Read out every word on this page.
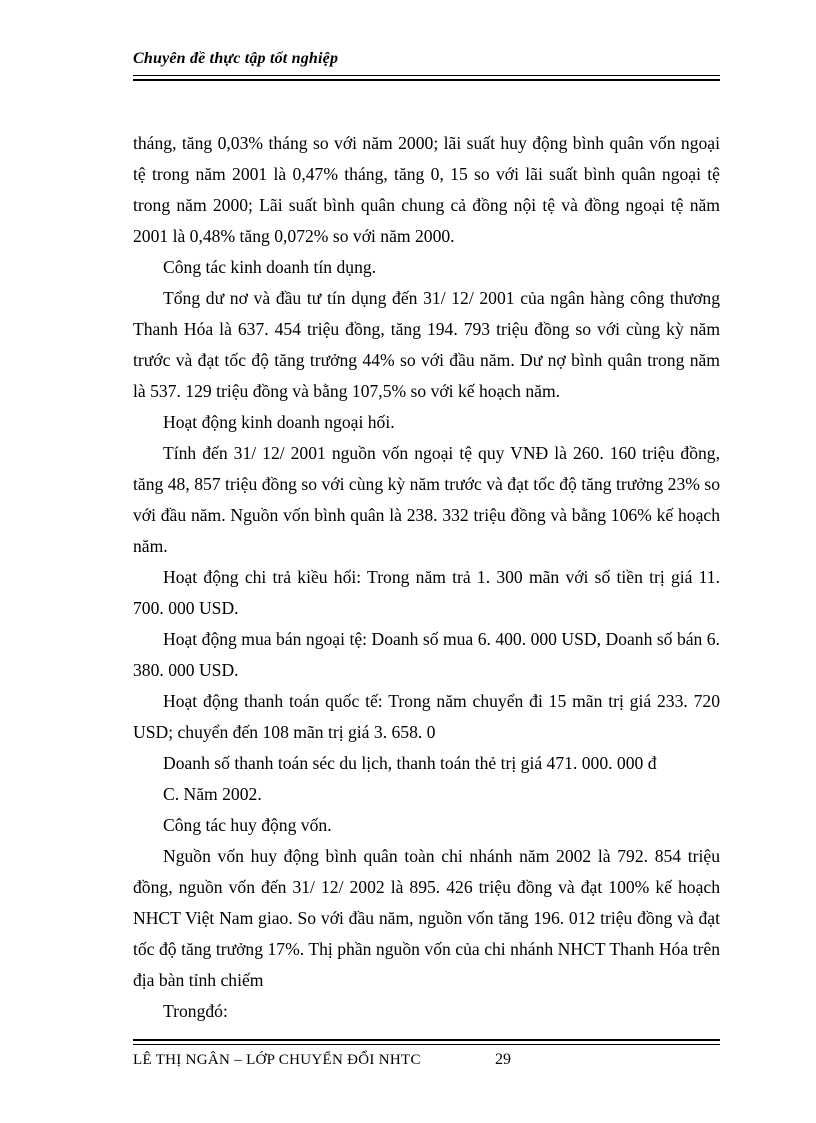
Chuyên đề thực tập tốt nghiệp

tháng, tăng 0,03% tháng so với năm 2000; lãi suất huy động bình quân vốn ngoại tệ trong năm 2001 là 0,47% tháng, tăng 0, 15 so với lãi suất bình quân ngoại tệ trong năm 2000; Lãi suất bình quân chung cả đồng nội tệ và đồng ngoại tệ năm 2001 là 0,48% tăng 0,072% so với năm 2000.

Công tác kinh doanh tín dụng.

Tổng dư nơ và đầu tư tín dụng đến 31/ 12/ 2001 của ngân hàng công thương Thanh Hóa là 637. 454 triệu đồng, tăng 194. 793 triệu đồng so với cùng kỳ năm trước và đạt tốc độ tăng trưởng 44% so với đầu năm. Dư nợ bình quân trong năm là 537. 129 triệu đồng và bằng 107,5% so với kế hoạch năm.

Hoạt động kinh doanh ngoại hối.

Tính đến 31/ 12/ 2001 nguồn vốn ngoại tệ quy VNĐ là 260. 160 triệu đồng, tăng 48, 857 triệu đồng so với cùng kỳ năm trước và đạt tốc độ tăng trưởng 23% so với đầu năm. Nguồn vốn bình quân là 238. 332 triệu đồng và bằng 106% kế hoạch năm.

Hoạt động chi trả kiều hối: Trong năm trả 1. 300 mãn với số tiền trị giá 11. 700. 000 USD.

Hoạt động mua bán ngoại tệ: Doanh số mua 6. 400. 000 USD, Doanh số bán 6. 380. 000 USD.

Hoạt động thanh toán quốc tế: Trong năm chuyển đi 15 mãn trị giá 233. 720 USD; chuyển đến 108 mãn trị giá 3. 658. 0

Doanh số thanh toán séc du lịch, thanh toán thẻ trị giá 471. 000. 000 đ

C. Năm 2002.

Công tác huy động vốn.

Nguồn vốn huy động bình quân toàn chi nhánh năm 2002 là 792. 854 triệu đồng, nguồn vốn đến 31/ 12/ 2002 là 895. 426 triệu đồng và đạt 100% kế hoạch NHCT Việt Nam giao. So với đầu năm, nguồn vốn tăng 196. 012 triệu đồng và đạt tốc độ tăng trưởng 17%. Thị phần nguồn vốn của chi nhánh NHCT Thanh Hóa trên địa bàn tỉnh chiếm

Trongđó:

LÊ THỊ NGÂN – LỚP CHUYỂN ĐỔI NHTC	29
